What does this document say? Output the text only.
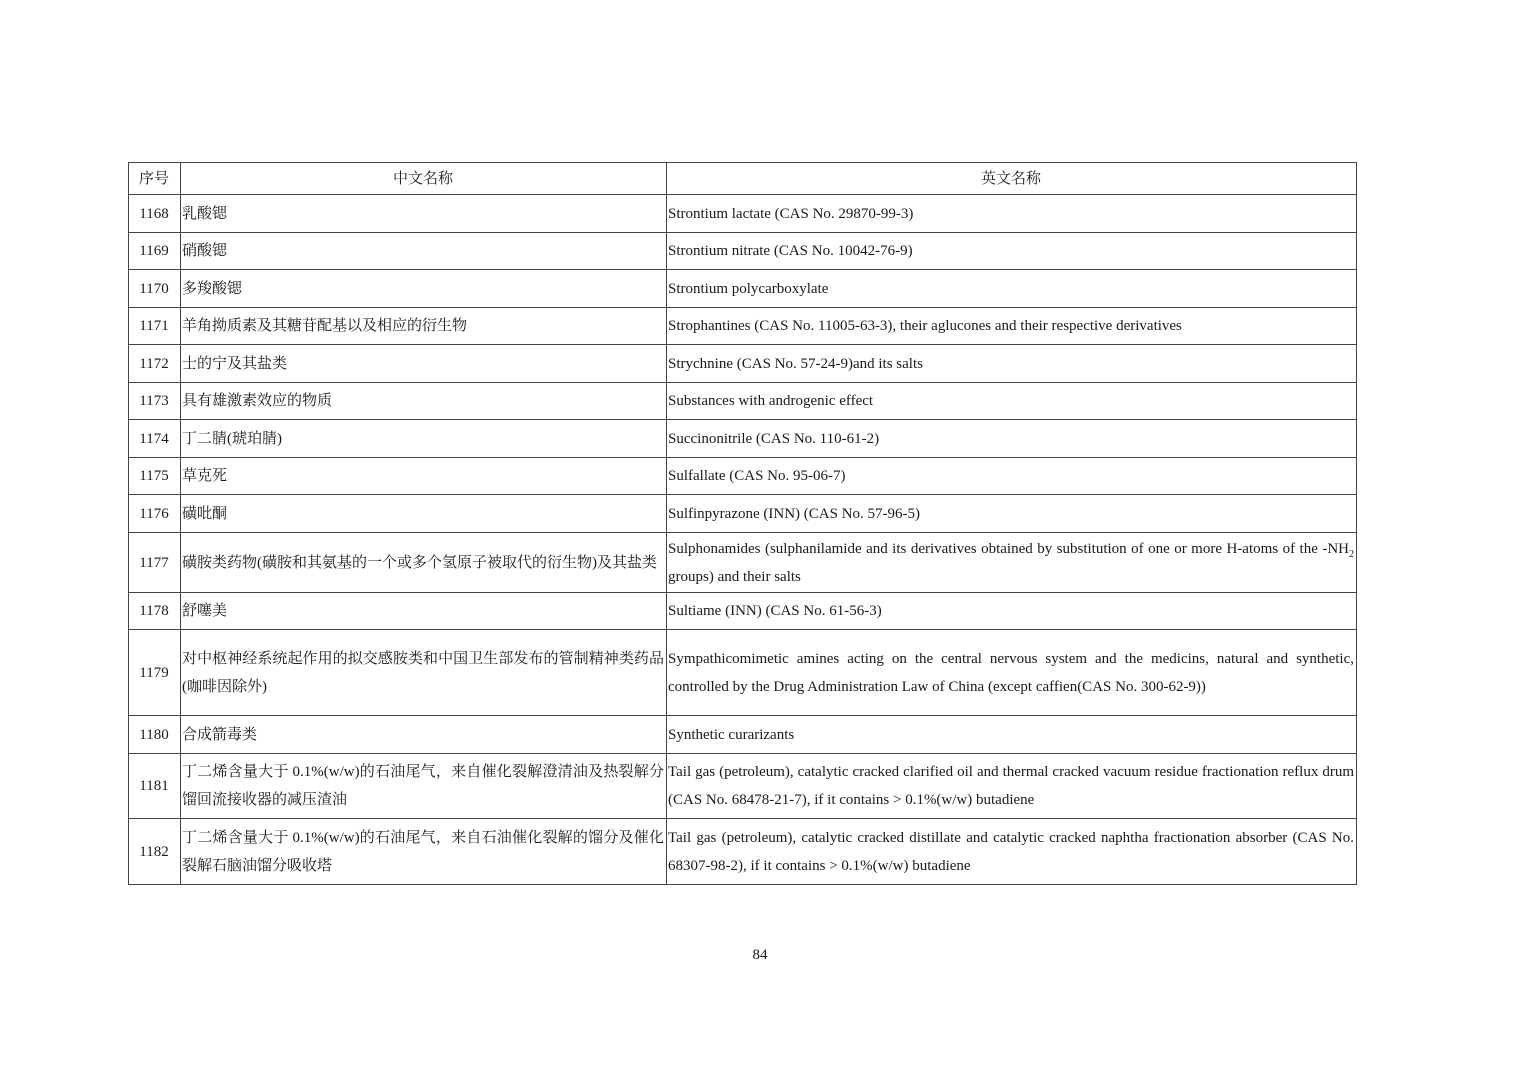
序号	中文名称	英文名称
1168	乳酸锶	Strontium lactate (CAS No. 29870-99-3)
1169	硝酸锶	Strontium nitrate (CAS No. 10042-76-9)
1170	多羧酸锶	Strontium polycarboxylate
1171	羊角拗质素及其糖苷配基以及相应的衍生物	Strophantines (CAS No. 11005-63-3), their aglucones and their respective derivatives
1172	士的宁及其盐类	Strychnine (CAS No. 57-24-9)and its salts
1173	具有雄激素效应的物质	Substances with androgenic effect
1174	丁二腈(琥珀腈)	Succinonitrile (CAS No. 110-61-2)
1175	草克死	Sulfallate (CAS No. 95-06-7)
1176	磺吡酮	Sulfinpyrazone (INN) (CAS No. 57-96-5)
1177	磺胺类药物(磺胺和其氨基的一个或多个氢原子被取代的衍生物)及其盐类	Sulphonamides (sulphanilamide and its derivatives obtained by substitution of one or more H-atoms of the $-NH_2$ groups) and their salts
1178	舒噻美	Sultiame (INN) (CAS No. 61-56-3)
1179	对中枢神经系统起作用的拟交感胺类和中国卫生部发布的管制精神类药品(咖啡因除外)	Sympathicomimetic amines acting on the central nervous system and the medicins, natural and synthetic, controlled by the Drug Administration Law of China (except caffien(CAS No. 300-62-9))
1180	合成箭毒类	Synthetic curarizants
1181	丁二烯含量大于 0.1%(w/w)的石油尾气，来自催化裂解澄清油及热裂解分馏回流接收器的减压渣油	Tail gas (petroleum), catalytic cracked clarified oil and thermal cracked vacuum residue fractionation reflux drum (CAS No. 68478-21-7), if it contains > 0.1%(w/w) butadiene
1182	丁二烯含量大于 0.1%(w/w)的石油尾气，来自石油催化裂解的馏分及催化裂解石脑油馏分吸收塔	Tail gas (petroleum), catalytic cracked distillate and catalytic cracked naphtha fractionation absorber (CAS No. 68307-98-2), if it contains > 0.1%(w/w) butadiene
84
